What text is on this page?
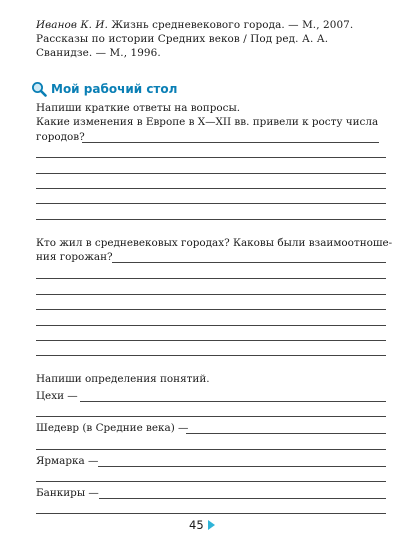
Иванов К. И. Жизнь средневекового города. — М., 2007.
Рассказы по истории Средних веков / Под ред. А. А. Сванидзе. — М., 1996.
Мой рабочий стол
Напиши краткие ответы на вопросы.
Какие изменения в Европе в X—XII вв. привели к росту числа
городов?
Кто жил в средневековых городах? Каковы были взаимоотноше-
ния горожан?
Напиши определения понятий.
Цехи —
Шедевр (в Средние века) —
Ярмарка —
Банкиры —
45
